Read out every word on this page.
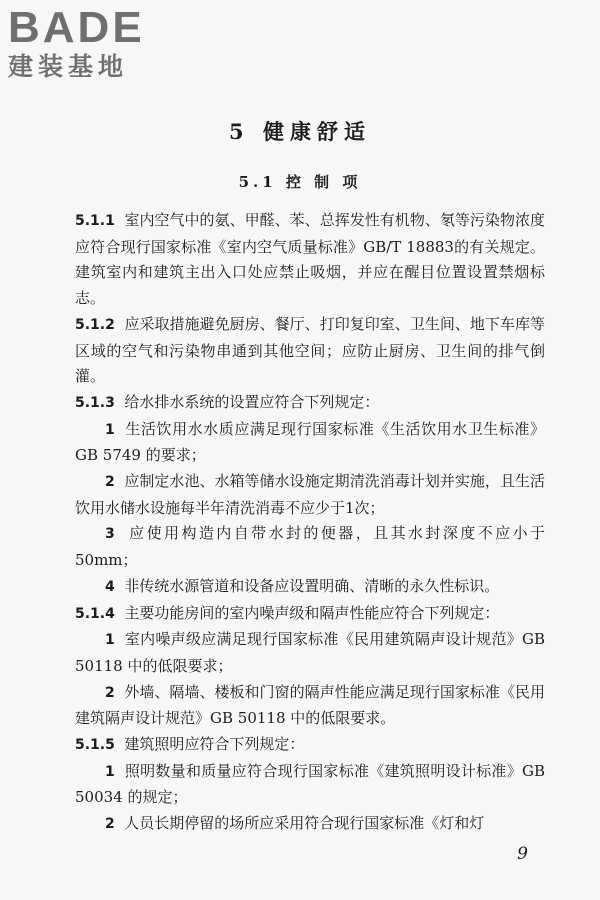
BADE
建装基地
5 健康舒适
5.1 控 制 项

5.1.1 室内空气中的氨、甲醛、苯、总挥发性有机物、氡等污染物浓度应符合现行国家标准《室内空气质量标准》GB/T 18883的有关规定。建筑室内和建筑主出入口处应禁止吸烟，并应在醒目位置设置禁烟标志。

5.1.2 应采取措施避免厨房、餐厅、打印复印室、卫生间、地下车库等区域的空气和污染物串通到其他空间；应防止厨房、卫生间的排气倒灌。

5.1.3 给水排水系统的设置应符合下列规定：

1 生活饮用水水质应满足现行国家标准《生活饮用水卫生标准》GB 5749 的要求；

2 应制定水池、水箱等储水设施定期清洗消毒计划并实施，且生活饮用水储水设施每半年清洗消毒不应少于1次；

3 应使用构造内自带水封的便器，且其水封深度不应小于50mm；

4 非传统水源管道和设备应设置明确、清晰的永久性标识。

5.1.4 主要功能房间的室内噪声级和隔声性能应符合下列规定：

1 室内噪声级应满足现行国家标准《民用建筑隔声设计规范》GB 50118 中的低限要求；

2 外墙、隔墙、楼板和门窗的隔声性能应满足现行国家标准《民用建筑隔声设计规范》GB 50118 中的低限要求。

5.1.5 建筑照明应符合下列规定：

1 照明数量和质量应符合现行国家标准《建筑照明设计标准》GB 50034 的规定；

2 人员长期停留的场所应采用符合现行国家标准《灯和灯

9
